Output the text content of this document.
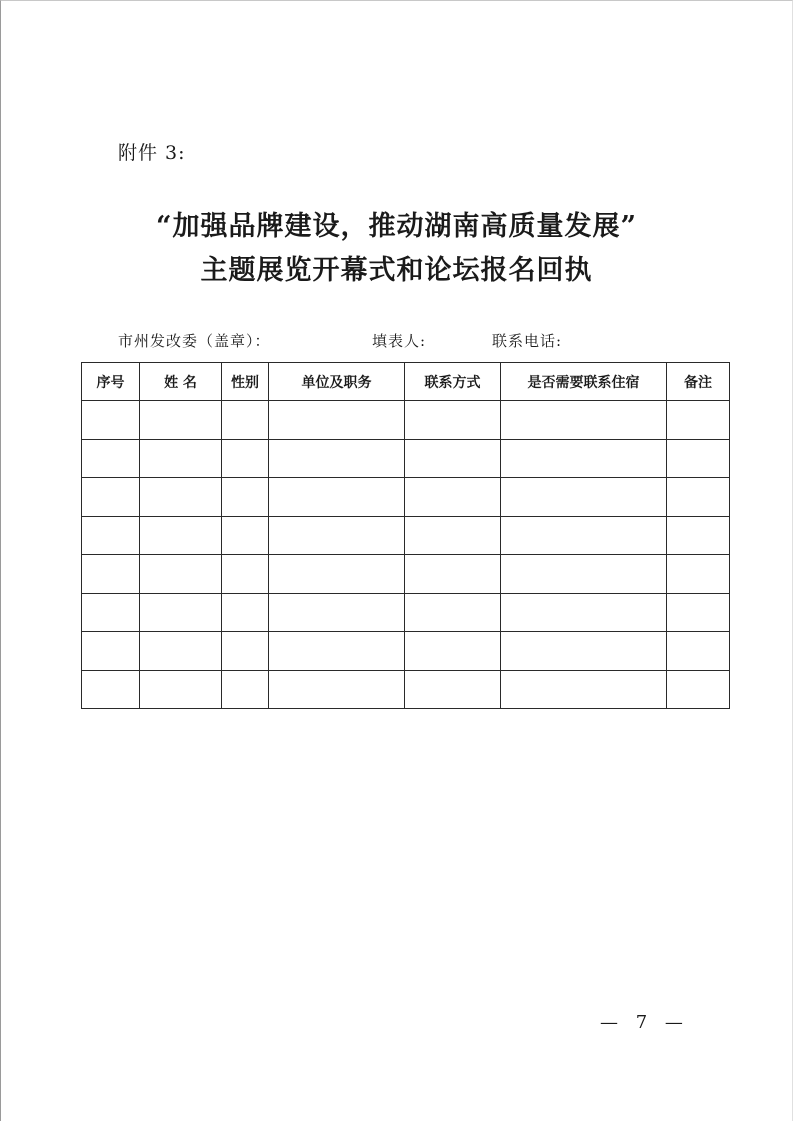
附件 3:
“加强品牌建设，推动湖南高质量发展”
主题展览开幕式和论坛报名回执
市州发改委（盖章）：	填表人:	联系电话:
序号	姓 名	性别	单位及职务	联系方式	是否需要联系住宿	备注

— 7 —
